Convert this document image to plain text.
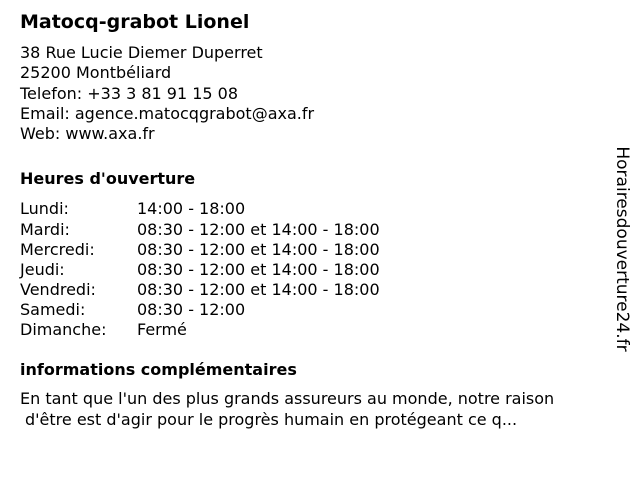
Matocq-grabot Lionel
38 Rue Lucie Diemer Duperret
25200 Montbéliard
Telefon: +33 3 81 91 15 08
Email: agence.matocqgrabot@axa.fr
Web: www.axa.fr
Heures d'ouverture
Lundi:	14:00 - 18:00
Mardi:	08:30 - 12:00 et 14:00 - 18:00
Mercredi:	08:30 - 12:00 et 14:00 - 18:00
Jeudi:	08:30 - 12:00 et 14:00 - 18:00
Vendredi:	08:30 - 12:00 et 14:00 - 18:00
Samedi:	08:30 - 12:00
Dimanche:	Fermé
informations complémentaires
En tant que l'un des plus grands assureurs au monde, notre raison
d'être est d'agir pour le progrès humain en protégeant ce q...
Horairesdouverture24.fr
